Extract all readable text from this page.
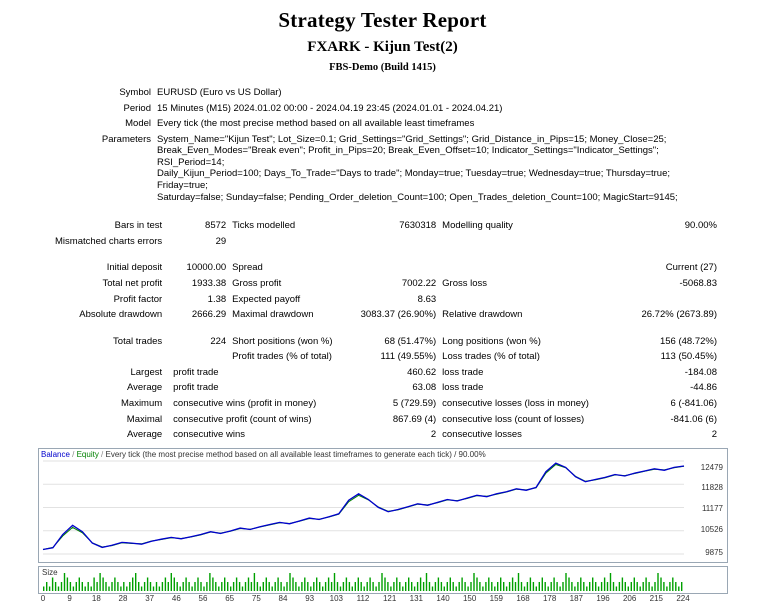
Strategy Tester Report
FXARK - Kijun Test(2)
FBS-Demo (Build 1415)
Symbol	EURUSD (Euro vs US Dollar)
Period	15 Minutes (M15) 2024.01.02 00:00 - 2024.04.19 23:45 (2024.01.01 - 2024.04.21)
Model	Every tick (the most precise method based on all available least timeframes
Parameters	System_Name="Kijun Test"; Lot_Size=0.1; Grid_Settings="Grid_Settings"; Grid_Distance_in_Pips=15; Money_Close=25;
Break_Even_Modes="Break even"; Profit_in_Pips=20; Break_Even_Offset=10; Indicator_Settings="Indicator_Settings"; RSI_Period=14;
Daily_Kijun_Period=100; Days_To_Trade="Days to trade"; Monday=true; Tuesday=true; Wednesday=true; Thursday=true; Friday=true;
Saturday=false; Sunday=false; Pending_Order_deletion_Count=100; Open_Trades_deletion_Count=100; MagicStart=9145;

Bars in test	8572	Ticks modelled	7630318	Modelling quality	90.00%
Mismatched charts errors	29				

Initial deposit	10000.00	Spread			Current (27)
Total net profit	1933.38	Gross profit	7002.22	Gross loss	-5068.83
Profit factor	1.38	Expected payoff	8.63		
Absolute drawdown	2666.29	Maximal drawdown	3083.37 (26.90%)	Relative drawdown	26.72% (2673.89)

Total trades	224	Short positions (won %)	68 (51.47%)	Long positions (won %)	156 (48.72%)
		Profit trades (% of total)	111 (49.55%)	Loss trades (% of total)	113 (50.45%)
Largest	profit trade		460.62	loss trade	-184.08
Average	profit trade		63.08	loss trade	-44.86
Maximum	consecutive wins (profit in money)		5 (729.59)	consecutive losses (loss in money)	6 (-841.06)
Maximal	consecutive profit (count of wins)		867.69 (4)	consecutive loss (count of losses)	-841.06 (6)
Average	consecutive wins		2	consecutive losses	2
Balance / Equity / Every tick (the most precise method based on all available least timeframes to generate each tick) / 90.00%
12479
11828
11177
10526
9875
Size
0	9 18 28 37 46 56 65 75 84 93 103 112 121 131 140 150 159 168 178 187 196 206 215 224
